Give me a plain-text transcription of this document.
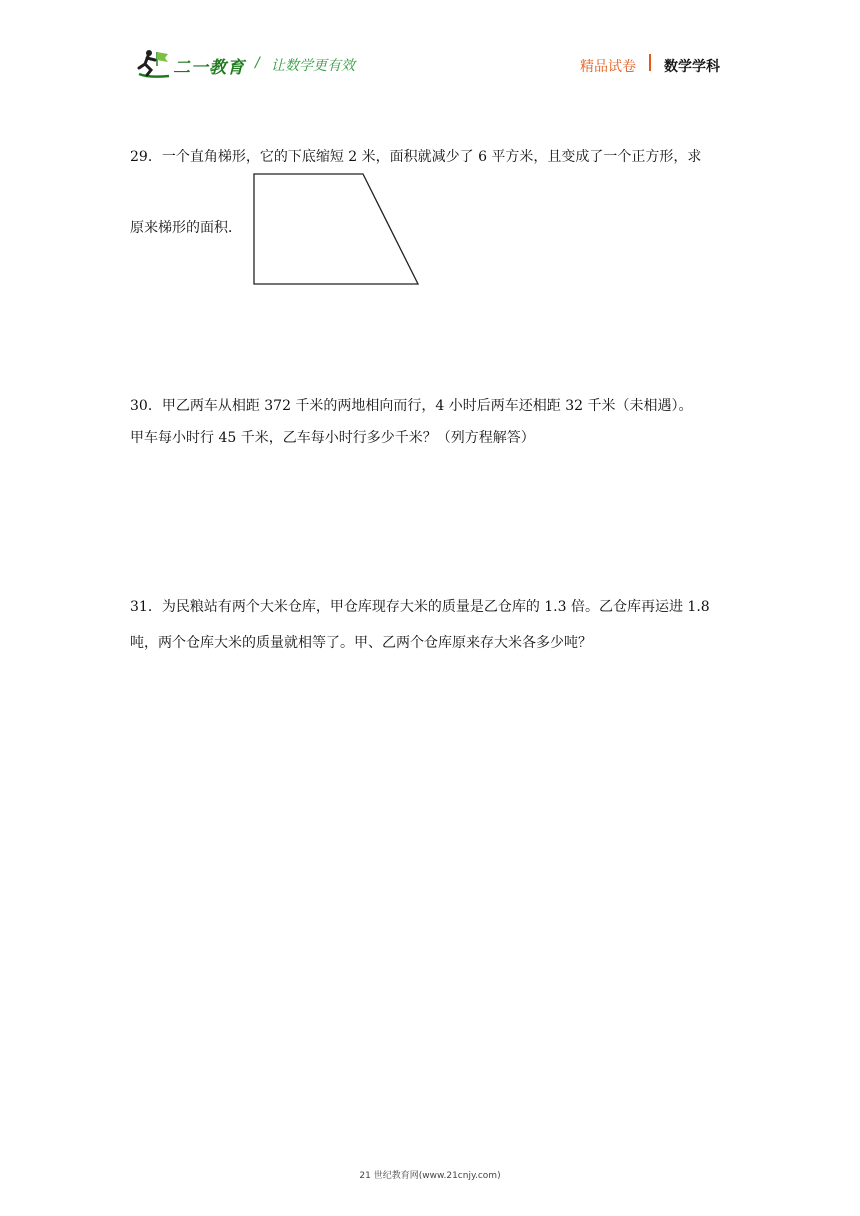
二一教育 / 让数学更有效	精品试卷 数学学科
29．一个直角梯形，它的下底缩短 2 米，面积就减少了 6 平方米，且变成了一个正方形，求
原来梯形的面积．
30．甲乙两车从相距 372 千米的两地相向而行，4 小时后两车还相距 32 千米（未相遇）。
甲车每小时行 45 千米，乙车每小时行多少千米？（列方程解答）
31．为民粮站有两个大米仓库，甲仓库现存大米的质量是乙仓库的 1.3 倍。乙仓库再运进 1.8
吨，两个仓库大米的质量就相等了。甲、乙两个仓库原来存大米各多少吨？
21 世纪教育网(www.21cnjy.com)
